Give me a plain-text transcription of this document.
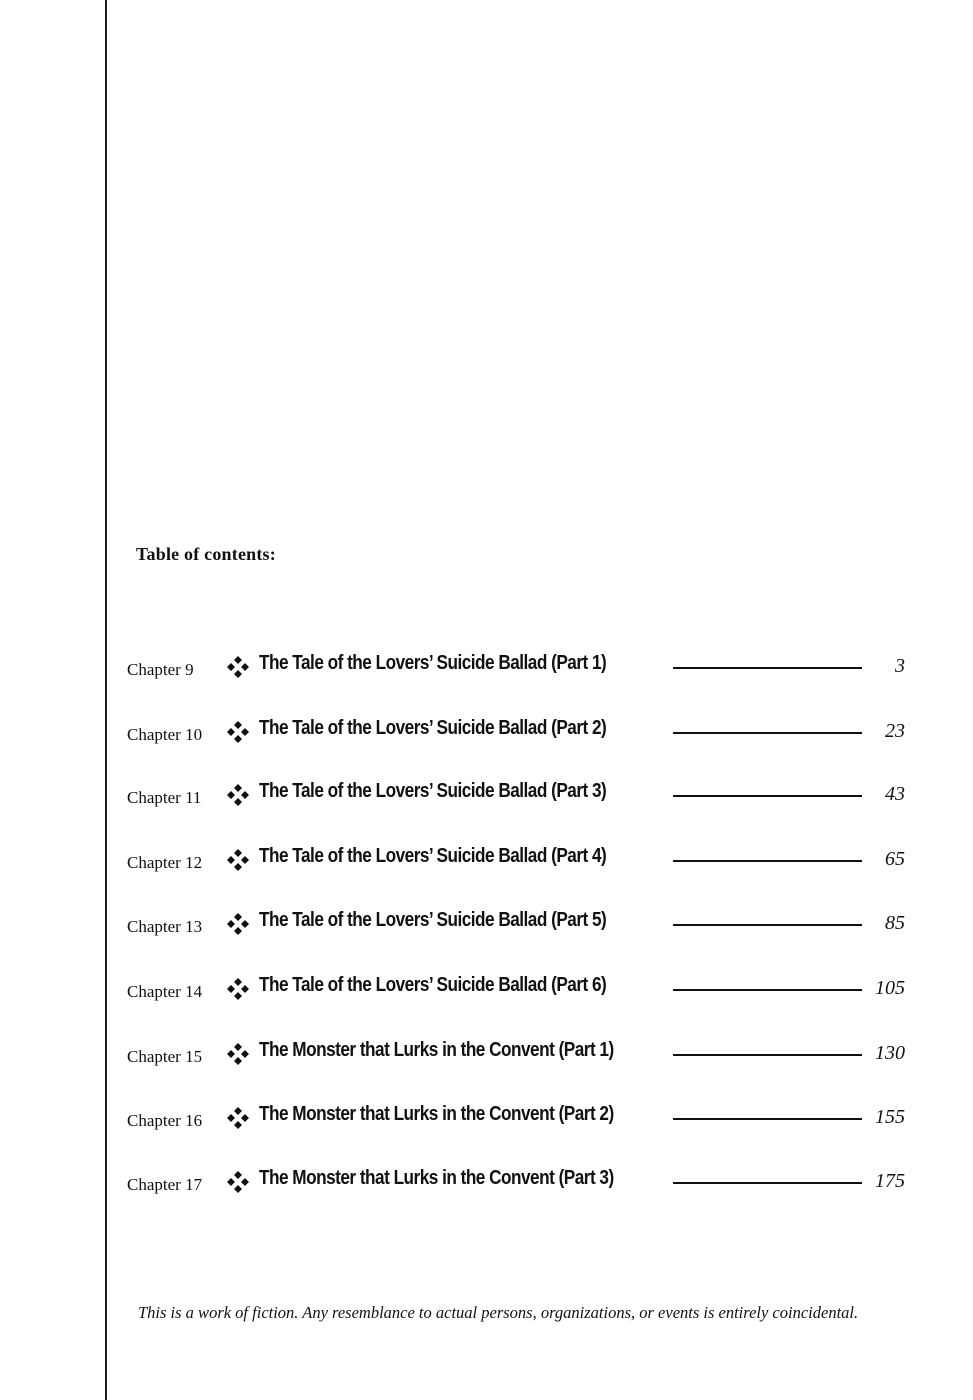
Table of contents:
Chapter 9	The Tale of the Lovers’ Suicide Ballad (Part 1)	3
Chapter 10	The Tale of the Lovers’ Suicide Ballad (Part 2)	23
Chapter 11	The Tale of the Lovers’ Suicide Ballad (Part 3)	43
Chapter 12	The Tale of the Lovers’ Suicide Ballad (Part 4)	65
Chapter 13	The Tale of the Lovers’ Suicide Ballad (Part 5)	85
Chapter 14	The Tale of the Lovers’ Suicide Ballad (Part 6)	105
Chapter 15	The Monster that Lurks in the Convent (Part 1)	130
Chapter 16	The Monster that Lurks in the Convent (Part 2)	155
Chapter 17	The Monster that Lurks in the Convent (Part 3)	175
This is a work of fiction. Any resemblance to actual persons, organizations, or events is entirely coincidental.
